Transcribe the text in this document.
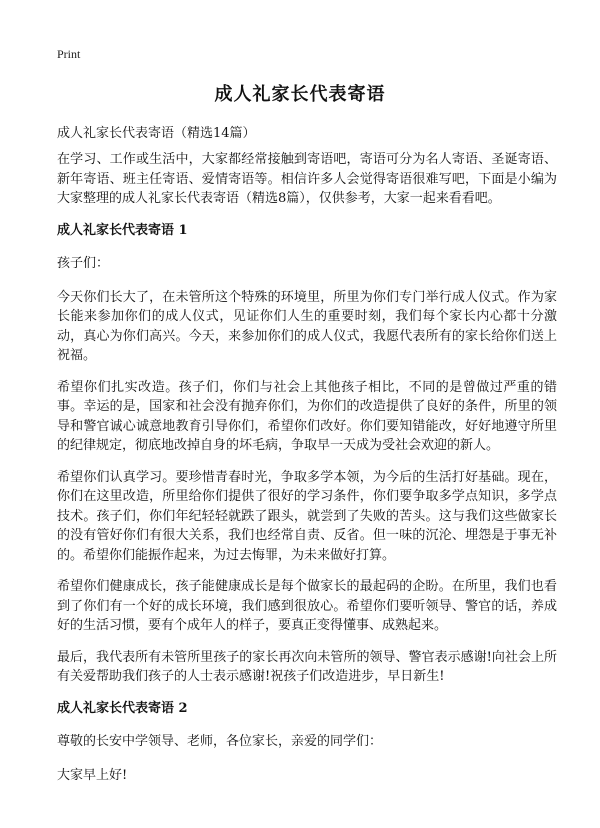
Print
成人礼家长代表寄语
成人礼家长代表寄语（精选14篇）

在学习、工作或生活中，大家都经常接触到寄语吧，寄语可分为名人寄语、圣诞寄语、新年寄语、班主任寄语、爱情寄语等。相信许多人会觉得寄语很难写吧，下面是小编为大家整理的成人礼家长代表寄语（精选8篇），仅供参考，大家一起来看看吧。

成人礼家长代表寄语 1

孩子们：

今天你们长大了，在未管所这个特殊的环境里，所里为你们专门举行成人仪式。作为家长能来参加你们的成人仪式，见证你们人生的重要时刻，我们每个家长内心都十分激动，真心为你们高兴。今天，来参加你们的成人仪式，我愿代表所有的家长给你们送上祝福。

希望你们扎实改造。孩子们，你们与社会上其他孩子相比，不同的是曾做过严重的错事。幸运的是，国家和社会没有抛弃你们，为你们的改造提供了良好的条件，所里的领导和警官诚心诚意地教育引导你们，希望你们改好。你们要知错能改，好好地遵守所里的纪律规定，彻底地改掉自身的坏毛病，争取早一天成为受社会欢迎的新人。

希望你们认真学习。要珍惜青春时光，争取多学本领，为今后的生活打好基础。现在，你们在这里改造，所里给你们提供了很好的学习条件，你们要争取多学点知识，多学点技术。孩子们，你们年纪轻轻就跌了跟头，就尝到了失败的苦头。这与我们这些做家长的没有管好你们有很大关系，我们也经常自责、反省。但一味的沉沦、埋怨是于事无补的。希望你们能振作起来，为过去悔罪，为未来做好打算。

希望你们健康成长，孩子能健康成长是每个做家长的最起码的企盼。在所里，我们也看到了你们有一个好的成长环境，我们感到很放心。希望你们要听领导、警官的话，养成好的生活习惯，要有个成年人的样子，要真正变得懂事、成熟起来。

最后，我代表所有未管所里孩子的家长再次向未管所的领导、警官表示感谢!向社会上所有关爱帮助我们孩子的人士表示感谢!祝孩子们改造进步，早日新生!

成人礼家长代表寄语 2

尊敬的长安中学领导、老师，各位家长，亲爱的同学们：

大家早上好!
